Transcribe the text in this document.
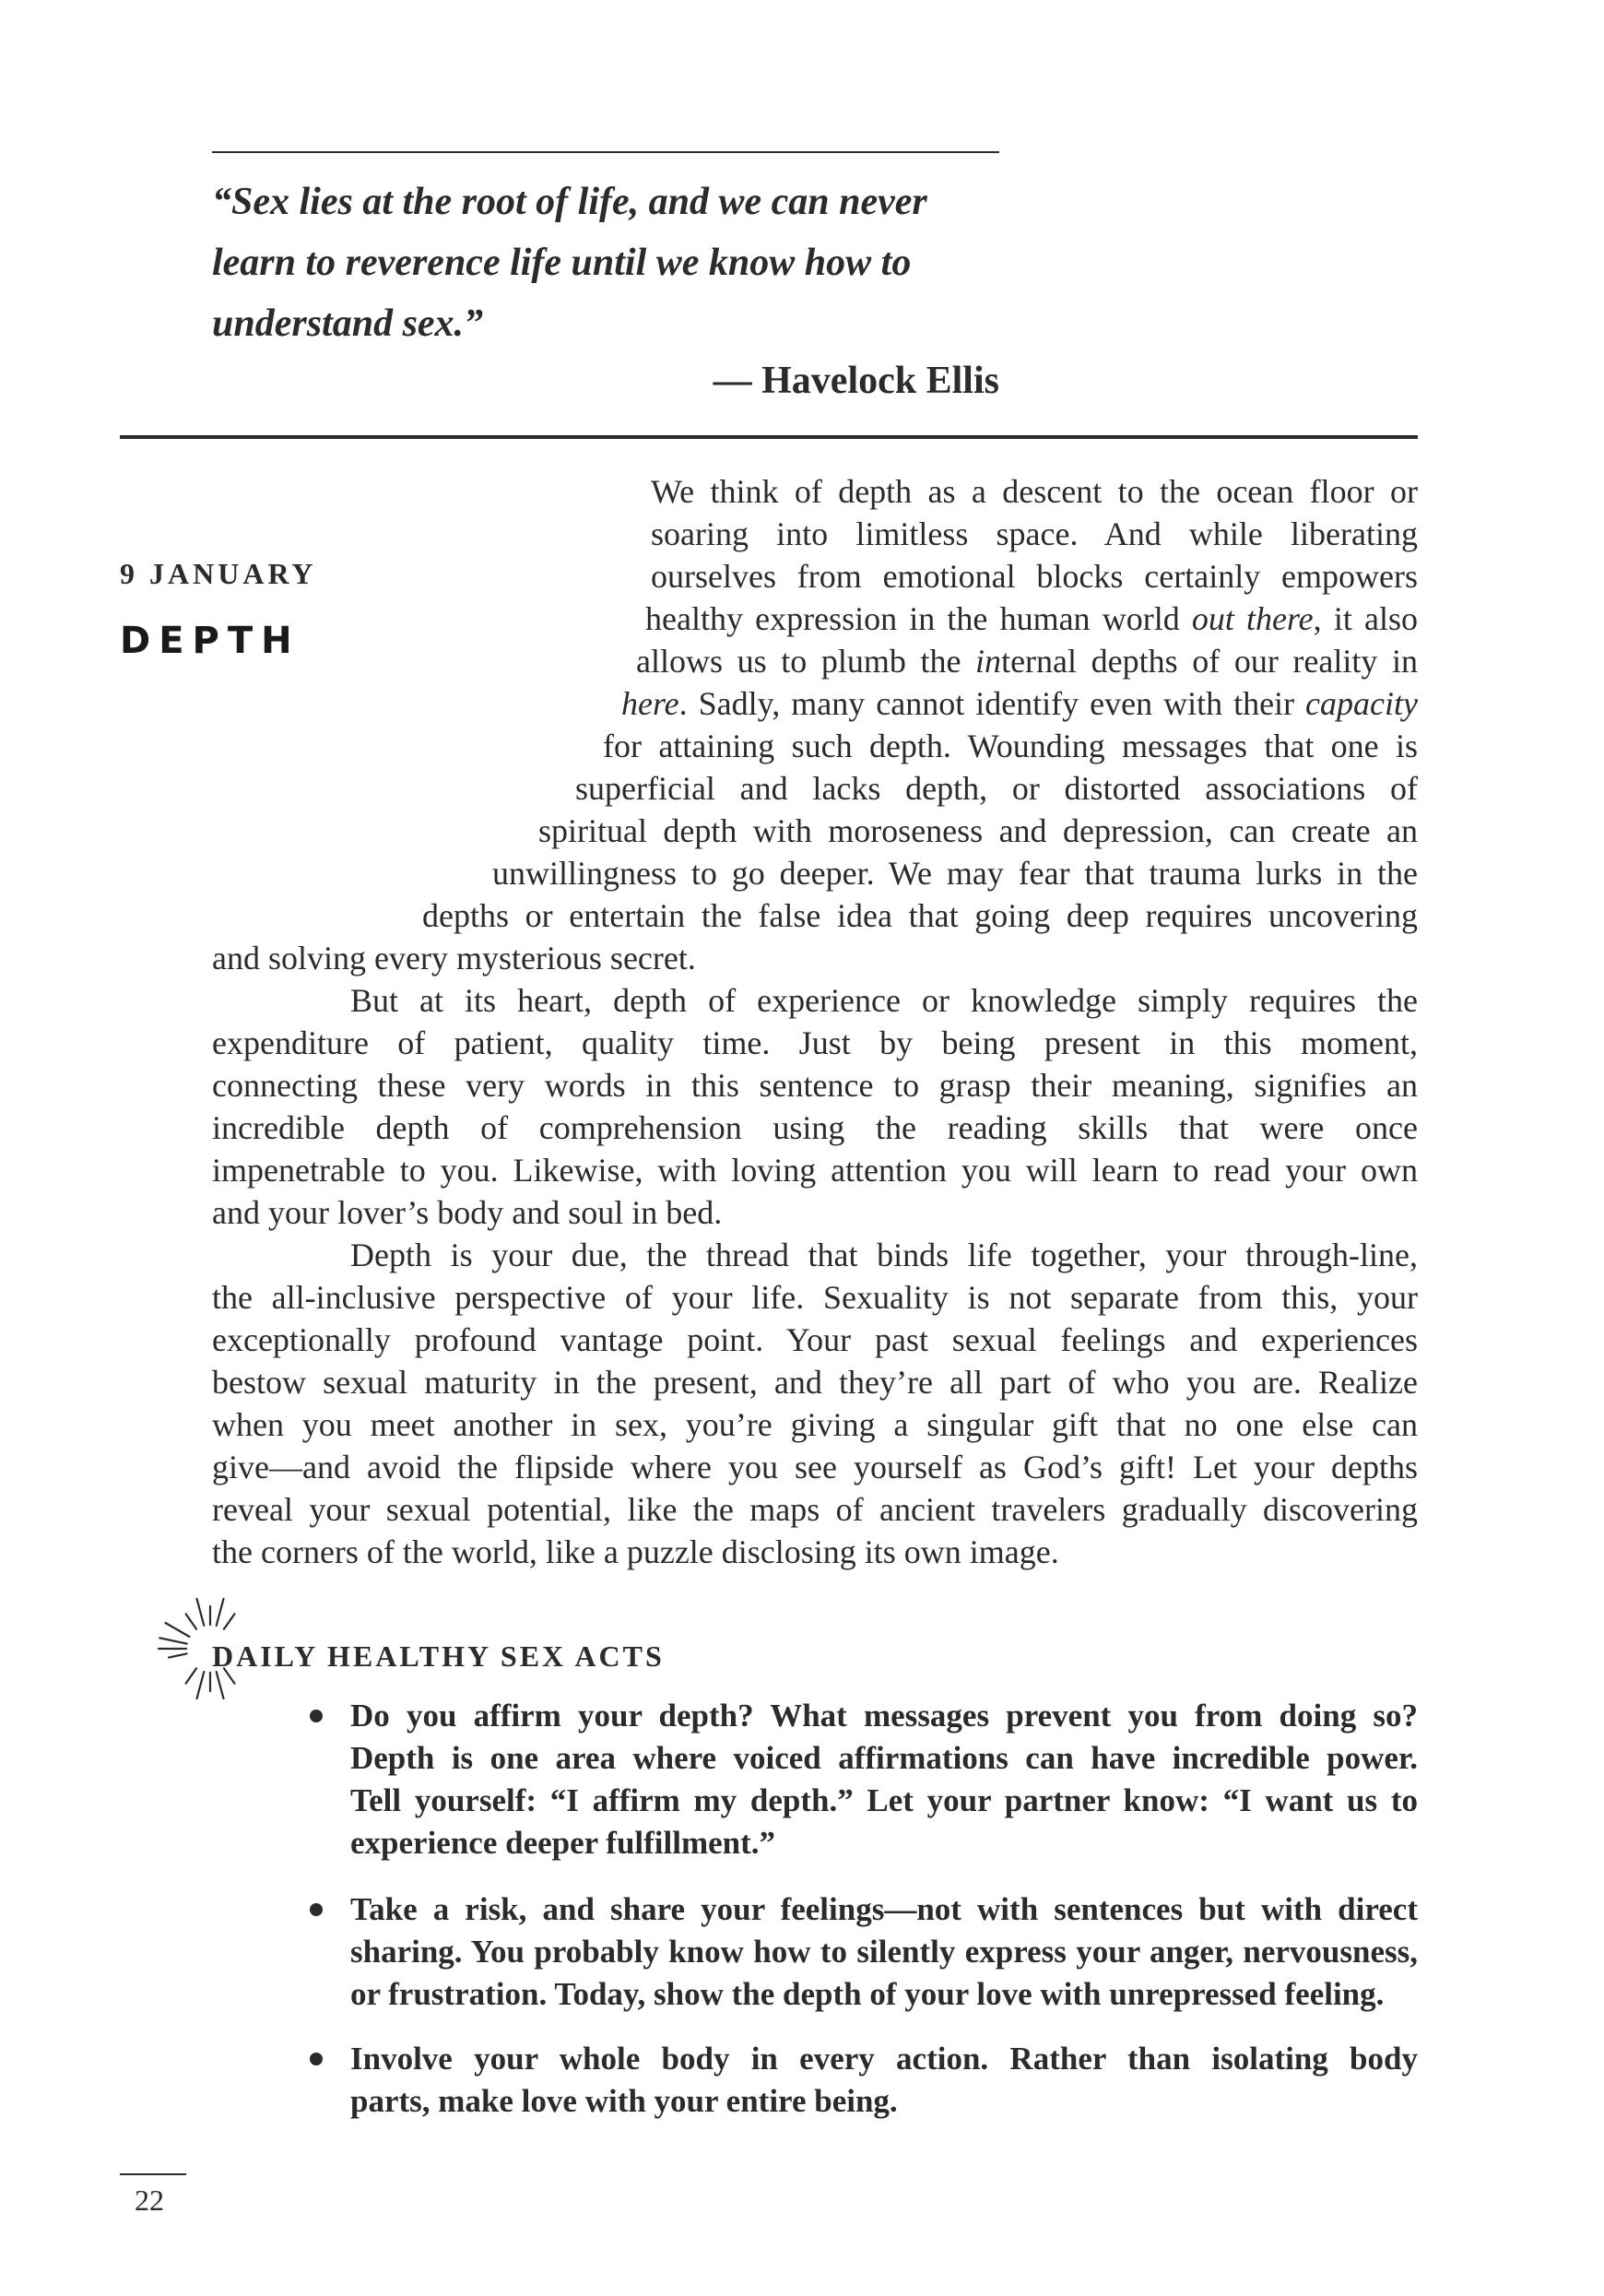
“Sex lies at the root of life, and we can never
learn to reverence life until we know how to
understand sex.”
— Havelock Ellis
9 JANUARY
DEPTH
We think of depth as a descent to the ocean floor or
soaring into limitless space. And while liberating
ourselves from emotional blocks certainly empowers
healthy expression in the human world out there, it also
allows us to plumb the internal depths of our reality in
here. Sadly, many cannot identify even with their capacity
for attaining such depth. Wounding messages that one is
superficial and lacks depth, or distorted associations of
spiritual depth with moroseness and depression, can create an
unwillingness to go deeper. We may fear that trauma lurks in the
depths or entertain the false idea that going deep requires uncovering
and solving every mysterious secret.
But at its heart, depth of experience or knowledge simply requires the
expenditure of patient, quality time. Just by being present in this moment,
connecting these very words in this sentence to grasp their meaning, signifies an
incredible depth of comprehension using the reading skills that were once
impenetrable to you. Likewise, with loving attention you will learn to read your own
and your lover’s body and soul in bed.
Depth is your due, the thread that binds life together, your through-line,
the all-inclusive perspective of your life. Sexuality is not separate from this, your
exceptionally profound vantage point. Your past sexual feelings and experiences
bestow sexual maturity in the present, and they’re all part of who you are. Realize
when you meet another in sex, you’re giving a singular gift that no one else can
give—and avoid the flipside where you see yourself as God’s gift! Let your depths
reveal your sexual potential, like the maps of ancient travelers gradually discovering
the corners of the world, like a puzzle disclosing its own image.
DAILY HEALTHY SEX ACTS
Do you affirm your depth? What messages prevent you from doing so?
Depth is one area where voiced affirmations can have incredible power.
Tell yourself: “I affirm my depth.” Let your partner know: “I want us to
experience deeper fulfillment.”
Take a risk, and share your feelings—not with sentences but with direct
sharing. You probably know how to silently express your anger, nervousness,
or frustration. Today, show the depth of your love with unrepressed feeling.
Involve your whole body in every action. Rather than isolating body
parts, make love with your entire being.
22
